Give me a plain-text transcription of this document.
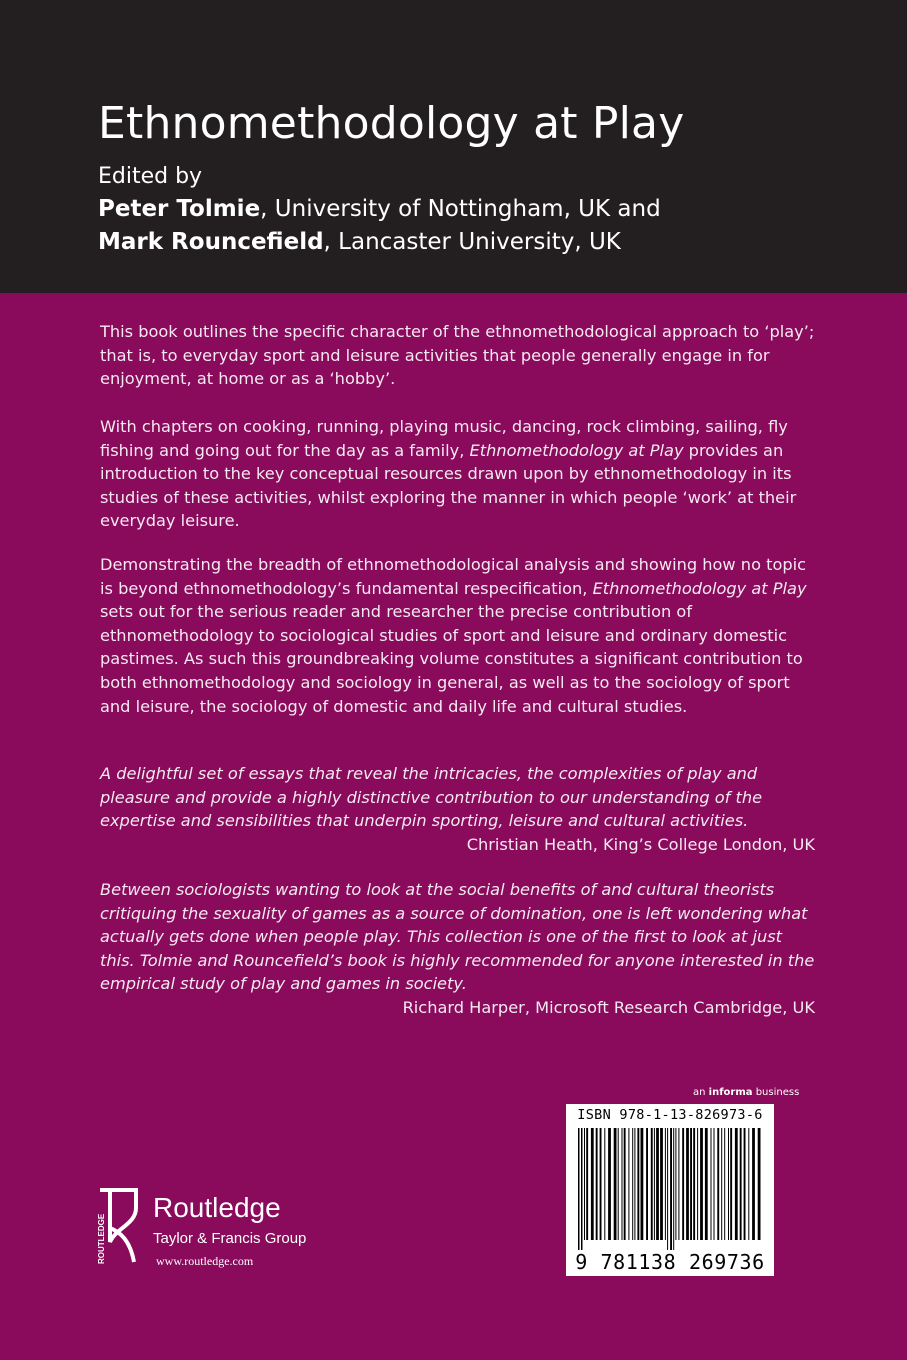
Ethnomethodology at Play
Edited by
Peter Tolmie, University of Nottingham, UK and
Mark Rouncefield, Lancaster University, UK

This book outlines the specific character of the ethnomethodological approach to ‘play’; that is, to everyday sport and leisure activities that people generally engage in for enjoyment, at home or as a ‘hobby’.

With chapters on cooking, running, playing music, dancing, rock climbing, sailing, fly fishing and going out for the day as a family, Ethnomethodology at Play provides an introduction to the key conceptual resources drawn upon by ethnomethodology in its studies of these activities, whilst exploring the manner in which people ‘work’ at their everyday leisure.

Demonstrating the breadth of ethnomethodological analysis and showing how no topic is beyond ethnomethodology’s fundamental respecification, Ethnomethodology at Play sets out for the serious reader and researcher the precise contribution of ethnomethodology to sociological studies of sport and leisure and ordinary domestic pastimes. As such this groundbreaking volume constitutes a significant contribution to both ethnomethodology and sociology in general, as well as to the sociology of sport and leisure, the sociology of domestic and daily life and cultural studies.

A delightful set of essays that reveal the intricacies, the complexities of play and pleasure and provide a highly distinctive contribution to our understanding of the expertise and sensibilities that underpin sporting, leisure and cultural activities.

Christian Heath, King’s College London, UK

Between sociologists wanting to look at the social benefits of and cultural theorists critiquing the sexuality of games as a source of domination, one is left wondering what actually gets done when people play. This collection is one of the first to look at just this. Tolmie and Rouncefield’s book is highly recommended for anyone interested in the empirical study of play and games in society.

Richard Harper, Microsoft Research Cambridge, UK

an informa business
ISBN 978-1-13-826973-6
9 781138 269736
ROUTLEDGE
Routledge
Taylor & Francis Group
www.routledge.com
